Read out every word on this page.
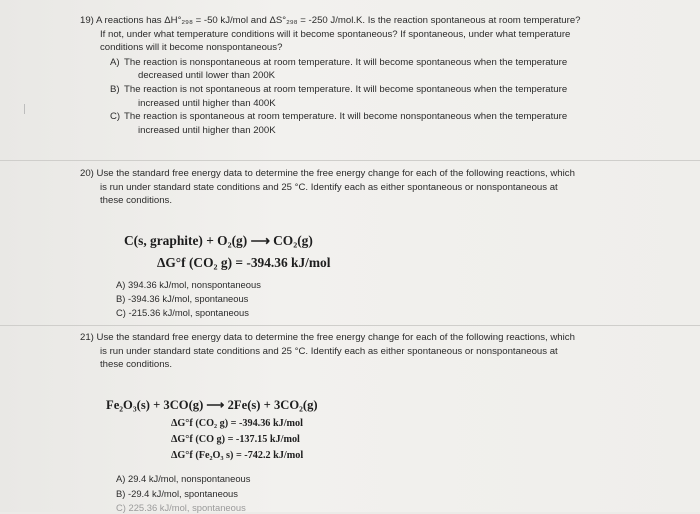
19) A reactions has ΔH°₂₉₈ = -50 kJ/mol and ΔS°₂₉₈ = -250 J/mol.K. Is the reaction spontaneous at room temperature?
If not, under what temperature conditions will it become spontaneous? If spontaneous, under what temperature
conditions will it become nonspontaneous?

A) The reaction is nonspontaneous at room temperature. It will become spontaneous when the temperature
decreased until lower than 200K
B) The reaction is not spontaneous at room temperature. It will become spontaneous when the temperature
increased until higher than 400K
C) The reaction is spontaneous at room temperature. It will become nonspontaneous when the temperature
increased until higher than 200K

20) Use the standard free energy data to determine the free energy change for each of the following reactions, which
is run under standard state conditions and 25 °C. Identify each as either spontaneous or nonspontaneous at
these conditions.

C(s, graphite) + O₂(g) ⟶ CO₂(g)
ΔG°f (CO₂ g) = -394.36 kJ/mol
A) 394.36 kJ/mol, nonspontaneous
B) -394.36 kJ/mol, spontaneous
C) -215.36 kJ/mol, spontaneous

21) Use the standard free energy data to determine the free energy change for each of the following reactions, which
is run under standard state conditions and 25 °C. Identify each as either spontaneous or nonspontaneous at
these conditions.

Fe₂O₃(s) + 3CO(g) ⟶ 2Fe(s) + 3CO₂(g)
ΔG°f (CO₂ g) = -394.36 kJ/mol
ΔG°f (CO g) = -137.15 kJ/mol
ΔG°f (Fe₂O₃ s) = -742.2 kJ/mol
A) 29.4 kJ/mol, nonspontaneous
B) -29.4 kJ/mol, spontaneous
C) 225.36 kJ/mol, spontaneous
